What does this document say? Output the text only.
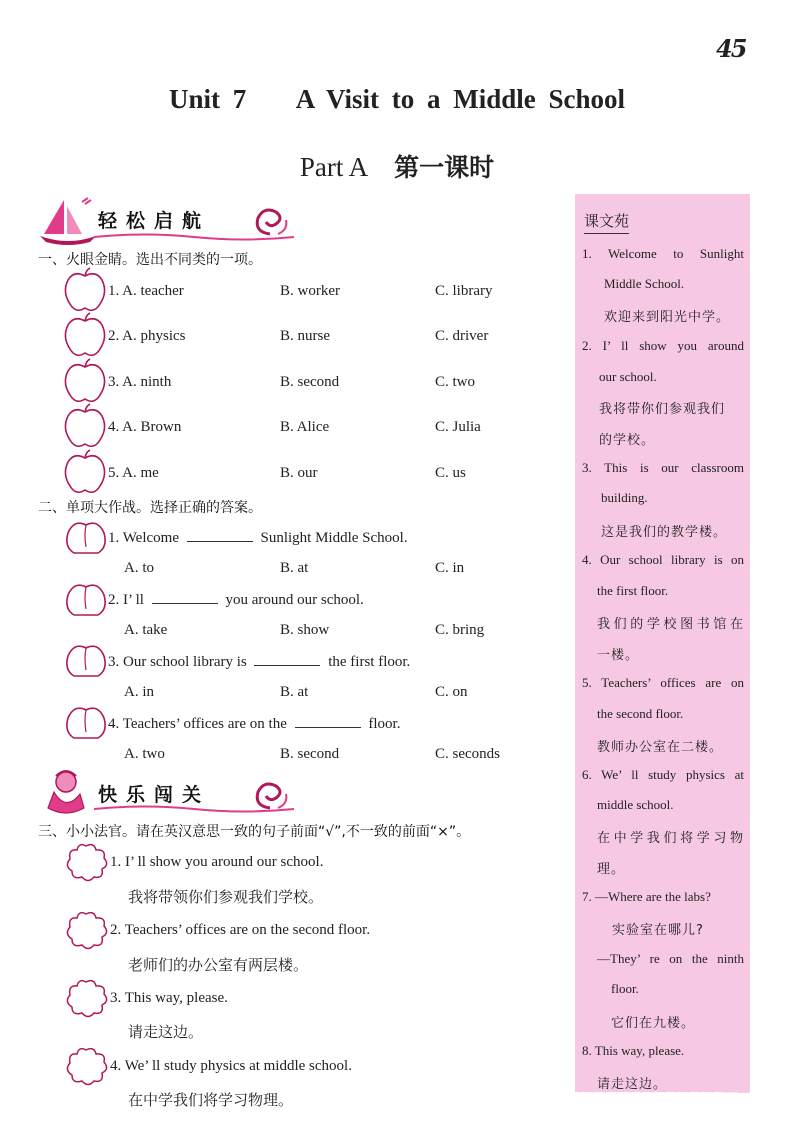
45
Unit 7    A Visit to a Middle School
Part A 第一课时
轻松启航
一、火眼金睛。选出不同类的一项。
1. A. teacher	B. worker	C. library
2. A. physics	B. nurse	C. driver
3. A. ninth	B. second	C. two
4. A. Brown	B. Alice	C. Julia
5. A. me	B. our	C. us
二、单项大作战。选择正确的答案。
1. Welcome	Sunlight Middle School.
A. to	B. at	C. in
2. I’ ll	you around our school.
A. take	B. show	C. bring
3. Our school library is	the first floor.
A. in	B. at	C. on
4. Teachers’ offices are on the	floor.
A. two	B. second	C. seconds
快乐闯关
三、小小法官。请在英汉意思一致的句子前面“√”,不一致的前面“×”。
1. I’ ll show you around our school.
我将带领你们参观我们学校。
2. Teachers’ offices are on the second floor.
老师们的办公室有两层楼。
3. This way, please.
请走这边。
4. We’ ll study physics at middle school.
在中学我们将学习物理。
课文苑
1. Welcome to Sunlight
Middle School.
欢迎来到阳光中学。
2. I’ ll show you around
our school.
我将带你们参观我们
的学校。
3. This is our classroom
building.
这是我们的教学楼。
4. Our school library is on
the first floor.
我们的学校图书馆在
一楼。
5. Teachers’ offices are on
the second floor.
教师办公室在二楼。
6. We’ ll study physics at
middle school.
在中学我们将学习物
理。
7. —Where are the labs?
实验室在哪儿?
—They’ re on the ninth
floor.
它们在九楼。
8. This way, please.
请走这边。
